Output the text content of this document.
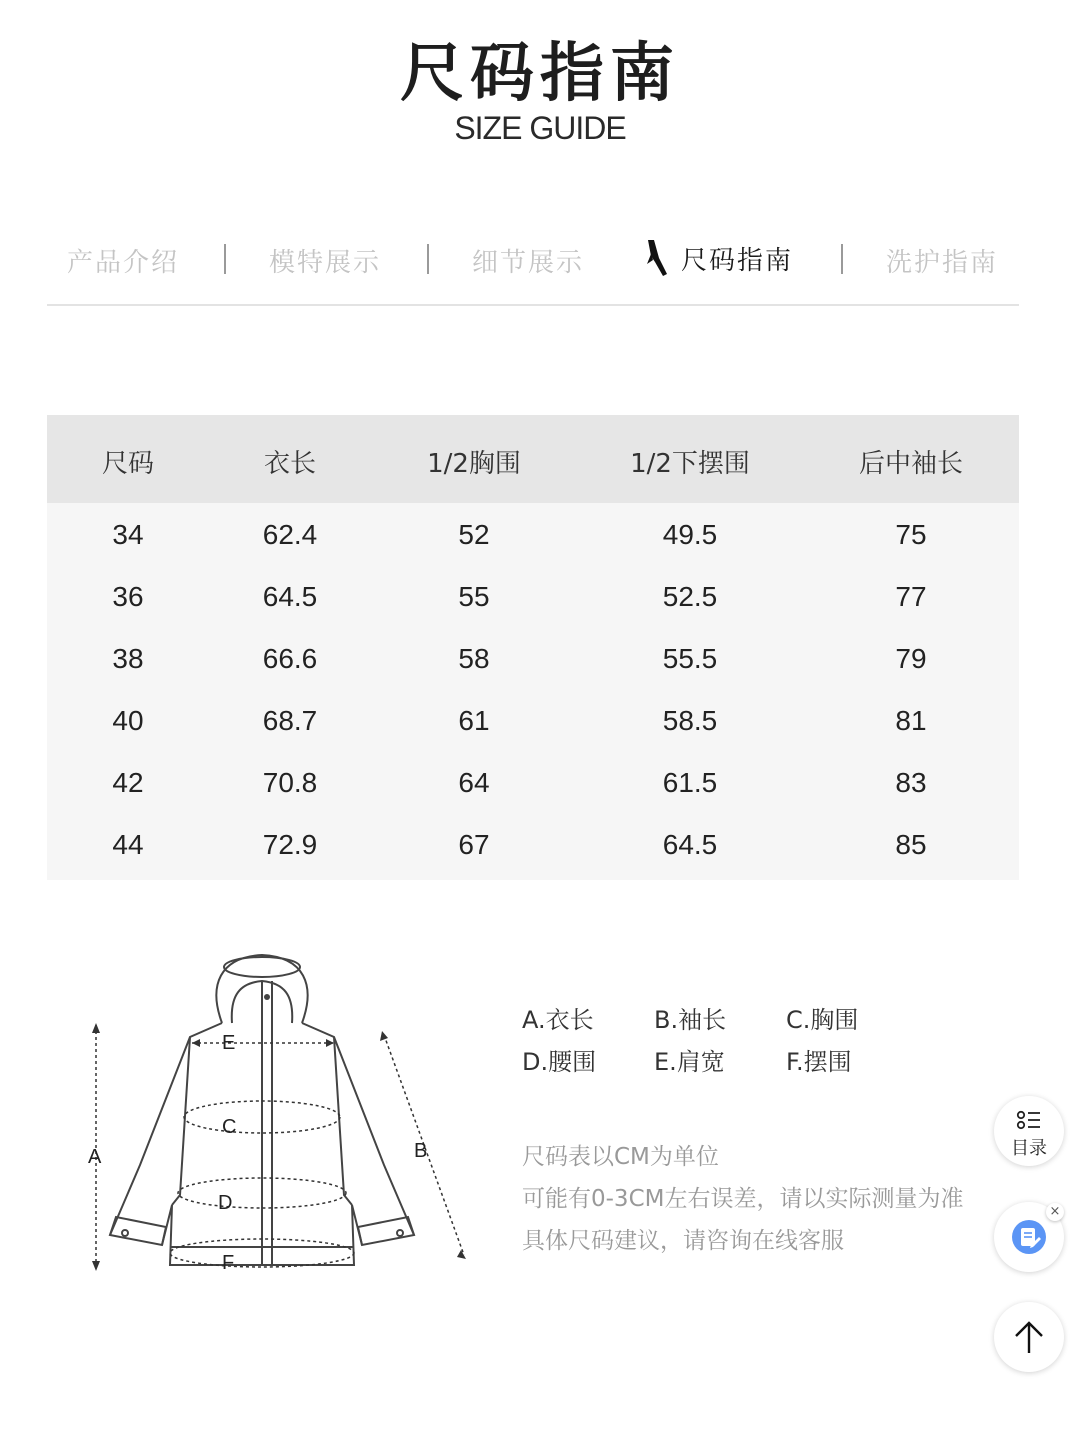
尺码指南
SIZE GUIDE
产品介绍	模特展示	细节展示	尺码指南	洗护指南
尺码	衣长	1/2胸围	1/2下摆围	后中袖长
34	62.4	52	49.5	75
36	64.5	55	52.5	77
38	66.6	58	55.5	79
40	68.7	61	58.5	81
42	70.8	64	61.5	83
44	72.9	67	64.5	85
A	B
C
D
E
F
A.衣长	B.袖长 C.胸围
D.腰围 E.肩宽	F.摆围
尺码表以CM为单位
可能有0-3CM左右误差，请以实际测量为准
具体尺码建议，请咨询在线客服
目录
×
